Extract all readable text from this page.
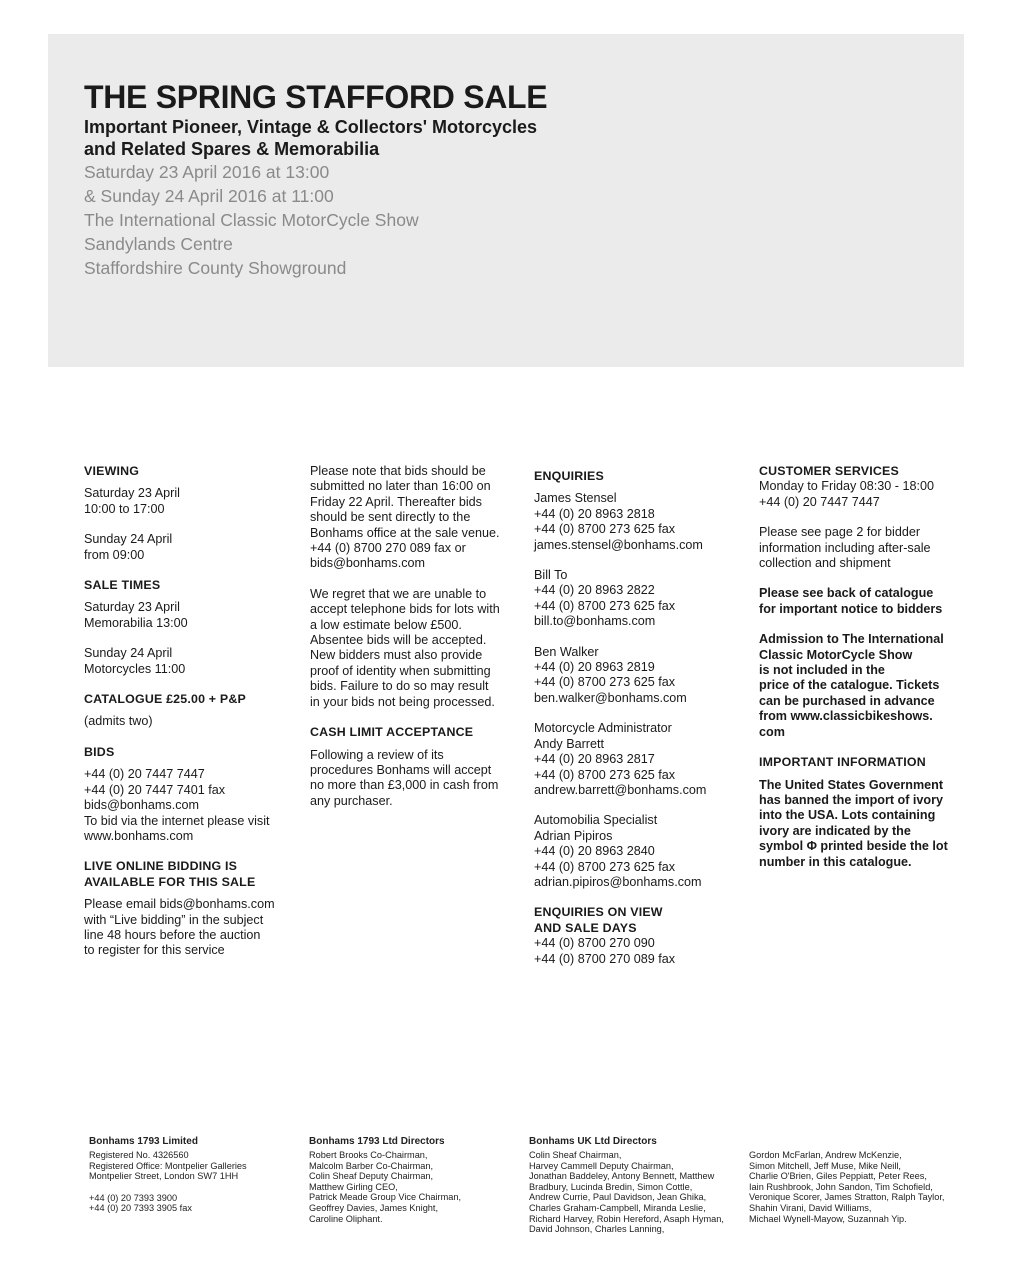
THE SPRING STAFFORD SALE

Important Pioneer, Vintage & Collectors' Motorcycles

and Related Spares & Memorabilia

Saturday 23 April 2016 at 13:00

& Sunday 24 April 2016 at 11:00

The International Classic MotorCycle Show

Sandylands Centre

Staffordshire County Showground

VIEWING
Saturday 23 April
10:00 to 17:00
Sunday 24 April
from 09:00
SALE TIMES
Saturday 23 April
Memorabilia 13:00
Sunday 24 April
Motorcycles 11:00
CATALOGUE £25.00 + P&P
(admits two)
BIDS
+44 (0) 20 7447 7447
+44 (0) 20 7447 7401 fax
bids@bonhams.com
To bid via the internet please visit
www.bonhams.com
LIVE ONLINE BIDDING IS
AVAILABLE FOR THIS SALE
Please email bids@bonhams.com
with “Live bidding” in the subject
line 48 hours before the auction
to register for this service
Please note that bids should be
submitted no later than 16:00 on
Friday 22 April. Thereafter bids
should be sent directly to the
Bonhams office at the sale venue.
+44 (0) 8700 270 089 fax or
bids@bonhams.com
We regret that we are unable to
accept telephone bids for lots with
a low estimate below £500.
Absentee bids will be accepted.
New bidders must also provide
proof of identity when submitting
bids. Failure to do so may result
in your bids not being processed.
CASH LIMIT ACCEPTANCE
Following a review of its
procedures Bonhams will accept
no more than £3,000 in cash from
any purchaser.
ENQUIRIES
James Stensel
+44 (0) 20 8963 2818
+44 (0) 8700 273 625 fax
james.stensel@bonhams.com
Bill To
+44 (0) 20 8963 2822
+44 (0) 8700 273 625 fax
bill.to@bonhams.com
Ben Walker
+44 (0) 20 8963 2819
+44 (0) 8700 273 625 fax
ben.walker@bonhams.com
Motorcycle Administrator
Andy Barrett
+44 (0) 20 8963 2817
+44 (0) 8700 273 625 fax
andrew.barrett@bonhams.com
Automobilia Specialist
Adrian Pipiros
+44 (0) 20 8963 2840
+44 (0) 8700 273 625 fax
adrian.pipiros@bonhams.com
ENQUIRIES ON VIEW
AND SALE DAYS
+44 (0) 8700 270 090
+44 (0) 8700 270 089 fax
CUSTOMER SERVICES
Monday to Friday 08:30 - 18:00
+44 (0) 20 7447 7447
Please see page 2 for bidder
information including after-sale
collection and shipment
Please see back of catalogue
for important notice to bidders
Admission to The International
Classic MotorCycle Show
is not included in the
price of the catalogue. Tickets
can be purchased in advance
from www.classicbikeshows.
com
IMPORTANT INFORMATION
The United States Government
has banned the import of ivory
into the USA. Lots containing
ivory are indicated by the
symbol Φ printed beside the lot
number in this catalogue.
Bonhams 1793 Limited
Registered No. 4326560
Registered Office: Montpelier Galleries
Montpelier Street, London SW7 1HH
+44 (0) 20 7393 3900
+44 (0) 20 7393 3905 fax
Bonhams 1793 Ltd Directors
Robert Brooks Co-Chairman,
Malcolm Barber Co-Chairman,
Colin Sheaf Deputy Chairman,
Matthew Girling CEO,
Patrick Meade Group Vice Chairman,
Geoffrey Davies, James Knight,
Caroline Oliphant.
Bonhams UK Ltd Directors
Colin Sheaf Chairman,
Harvey Cammell Deputy Chairman,
Jonathan Baddeley, Antony Bennett, Matthew
Bradbury, Lucinda Bredin, Simon Cottle,
Andrew Currie, Paul Davidson, Jean Ghika,
Charles Graham-Campbell, Miranda Leslie,
Richard Harvey, Robin Hereford, Asaph Hyman,
David Johnson, Charles Lanning,
Gordon McFarlan, Andrew McKenzie,
Simon Mitchell, Jeff Muse, Mike Neill,
Charlie O'Brien, Giles Peppiatt, Peter Rees,
Iain Rushbrook, John Sandon, Tim Schofield,
Veronique Scorer, James Stratton, Ralph Taylor,
Shahin Virani, David Williams,
Michael Wynell-Mayow, Suzannah Yip.
